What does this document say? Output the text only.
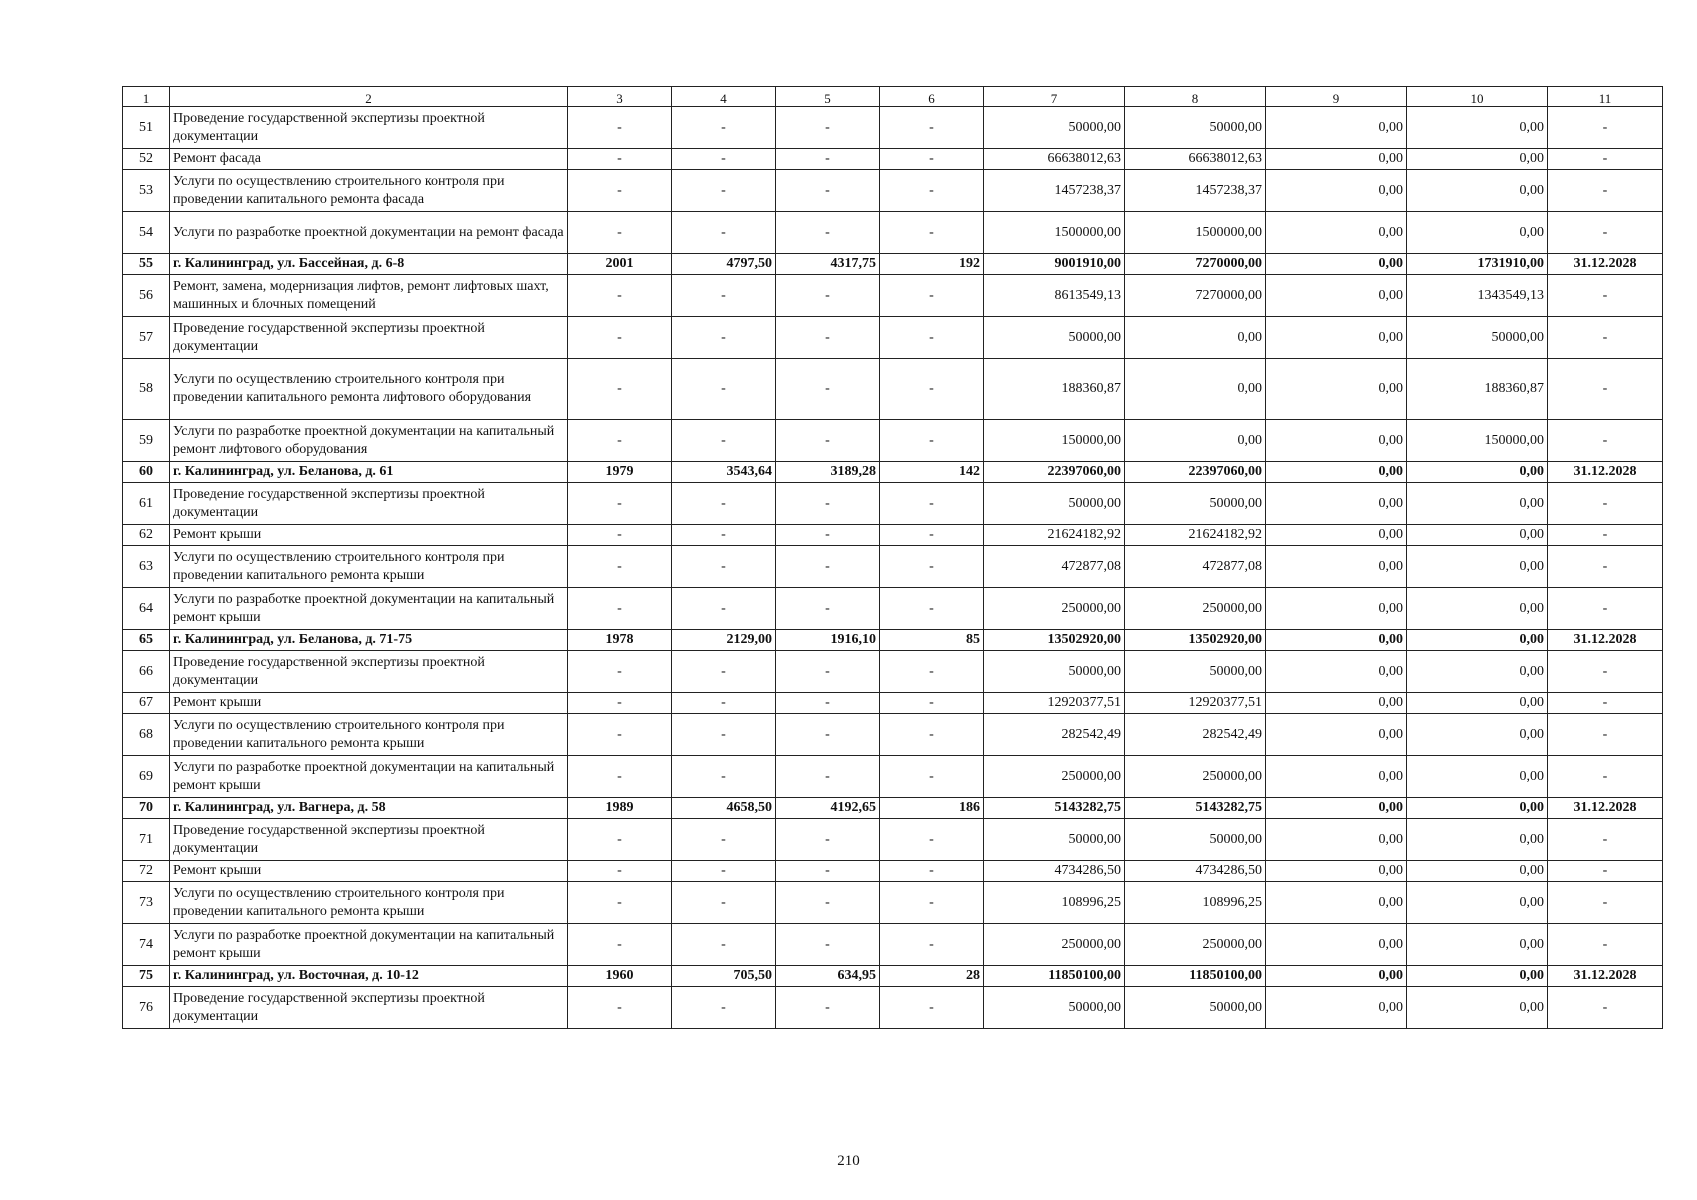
1	2	3	4	5	6	7	8	9	10	11
51	Проведение государственной экспертизы проектной документации	-	-	-	-	50000,00	50000,00	0,00	0,00	-
52	Ремонт фасада	-	-	-	-	66638012,63	66638012,63	0,00	0,00	-
53	Услуги по осуществлению строительного контроля при проведении капитального ремонта фасада	-	-	-	-	1457238,37	1457238,37	0,00	0,00	-
54	Услуги по разработке проектной документации на ремонт фасада	-	-	-	-	1500000,00	1500000,00	0,00	0,00	-
55	г. Калининград, ул. Бассейная, д. 6-8	2001	4797,50	4317,75	192	9001910,00	7270000,00	0,00	1731910,00	31.12.2028
56	Ремонт, замена, модернизация лифтов, ремонт лифтовых шахт, машинных и блочных помещений	-	-	-	-	8613549,13	7270000,00	0,00	1343549,13	-
57	Проведение государственной экспертизы проектной документации	-	-	-	-	50000,00	0,00	0,00	50000,00	-
58	Услуги по осуществлению строительного контроля при проведении капитального ремонта лифтового оборудования	-	-	-	-	188360,87	0,00	0,00	188360,87	-
59	Услуги по разработке проектной документации на капитальный ремонт лифтового оборудования	-	-	-	-	150000,00	0,00	0,00	150000,00	-
60	г. Калининград, ул. Беланова, д. 61	1979	3543,64	3189,28	142	22397060,00	22397060,00	0,00	0,00	31.12.2028
61	Проведение государственной экспертизы проектной документации	-	-	-	-	50000,00	50000,00	0,00	0,00	-
62	Ремонт крыши	-	-	-	-	21624182,92	21624182,92	0,00	0,00	-
63	Услуги по осуществлению строительного контроля при проведении капитального ремонта крыши	-	-	-	-	472877,08	472877,08	0,00	0,00	-
64	Услуги по разработке проектной документации на капитальный ремонт крыши	-	-	-	-	250000,00	250000,00	0,00	0,00	-
65	г. Калининград, ул. Беланова, д. 71-75	1978	2129,00	1916,10	85	13502920,00	13502920,00	0,00	0,00	31.12.2028
66	Проведение государственной экспертизы проектной документации	-	-	-	-	50000,00	50000,00	0,00	0,00	-
67	Ремонт крыши	-	-	-	-	12920377,51	12920377,51	0,00	0,00	-
68	Услуги по осуществлению строительного контроля при проведении капитального ремонта крыши	-	-	-	-	282542,49	282542,49	0,00	0,00	-
69	Услуги по разработке проектной документации на капитальный ремонт крыши	-	-	-	-	250000,00	250000,00	0,00	0,00	-
70	г. Калининград, ул. Вагнера, д. 58	1989	4658,50	4192,65	186	5143282,75	5143282,75	0,00	0,00	31.12.2028
71	Проведение государственной экспертизы проектной документации	-	-	-	-	50000,00	50000,00	0,00	0,00	-
72	Ремонт крыши	-	-	-	-	4734286,50	4734286,50	0,00	0,00	-
73	Услуги по осуществлению строительного контроля при проведении капитального ремонта крыши	-	-	-	-	108996,25	108996,25	0,00	0,00	-
74	Услуги по разработке проектной документации на капитальный ремонт крыши	-	-	-	-	250000,00	250000,00	0,00	0,00	-
75	г. Калининград, ул. Восточная, д. 10-12	1960	705,50	634,95	28	11850100,00	11850100,00	0,00	0,00	31.12.2028
76	Проведение государственной экспертизы проектной документации	-	-	-	-	50000,00	50000,00	0,00	0,00	-
210
